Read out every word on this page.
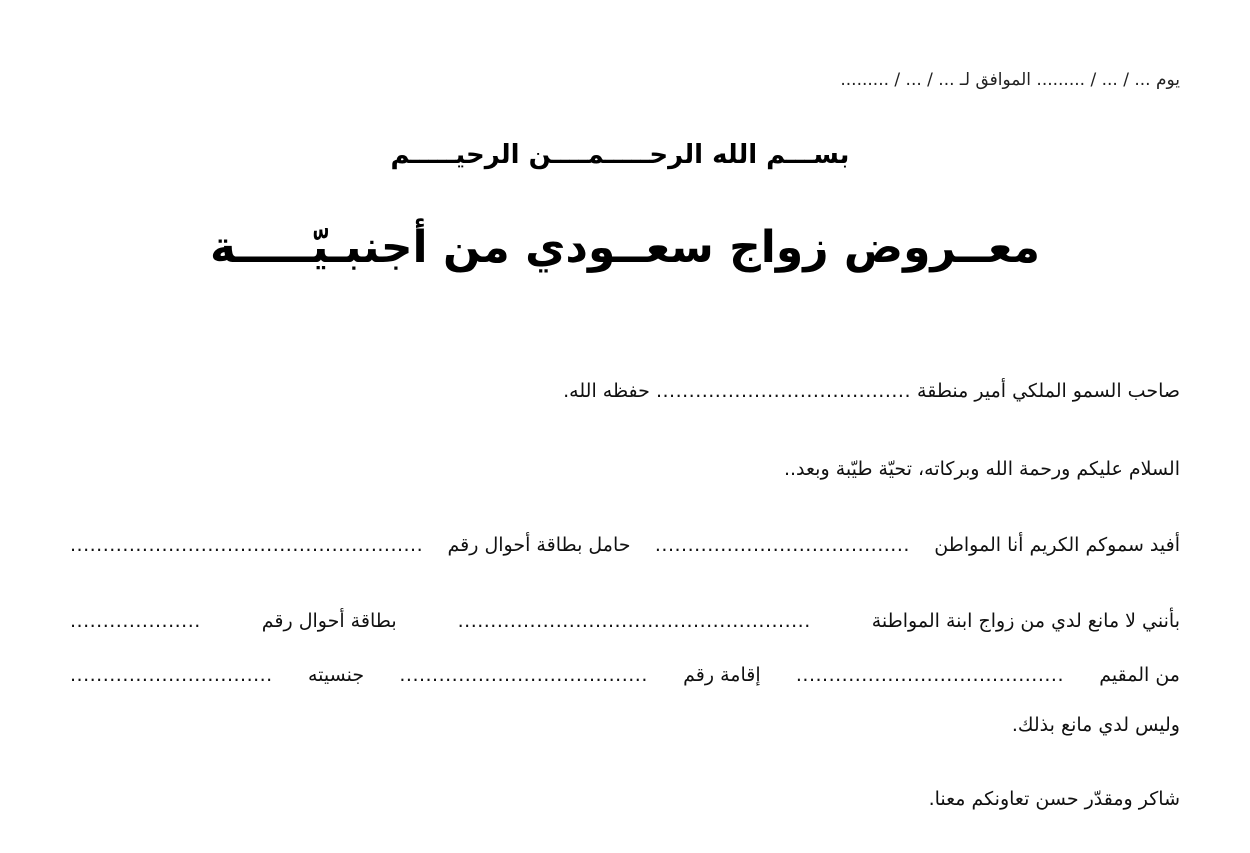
يوم ... / ... / ......... الموافق لـ ... / ... / .........
بســـم الله الرحـــــمــــن الرحيـــــم
معــروض زواج سعــودي من أجنبـيّـــــة
صاحب السمو الملكي أمير منطقة ....................................... حفظه الله.
السلام عليكم ورحمة الله وبركاته، تحيّة طيّبة وبعد..
أفيد سموكم الكريم أنا المواطن
.......................................
حامل بطاقة أحوال رقم
......................................................
بأنني لا مانع لدي من زواج ابنة المواطنة
......................................................
بطاقة أحوال رقم
....................
من المقيم
.........................................
إقامة رقم
......................................
جنسيته
...............................
وليس لدي مانع بذلك.
شاكر ومقدّر حسن تعاونكم معنا.
